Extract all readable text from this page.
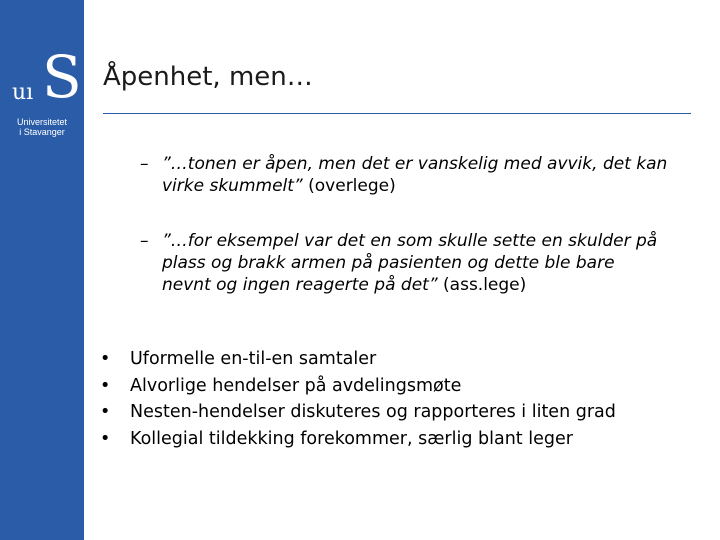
S
uı
Universitetet
i Stavanger
Åpenhet, men…
– ”…tonen er åpen, men det er vanskelig med avvik, det kan virke skummelt” (overlege)
– ”…for eksempel var det en som skulle sette en skulder på plass og brakk armen på pasienten og dette ble bare nevnt og ingen reagerte på det” (ass.lege)
• Uformelle en-til-en samtaler
• Alvorlige hendelser på avdelingsmøte
• Nesten-hendelser diskuteres og rapporteres i liten grad
• Kollegial tildekking forekommer, særlig blant leger
